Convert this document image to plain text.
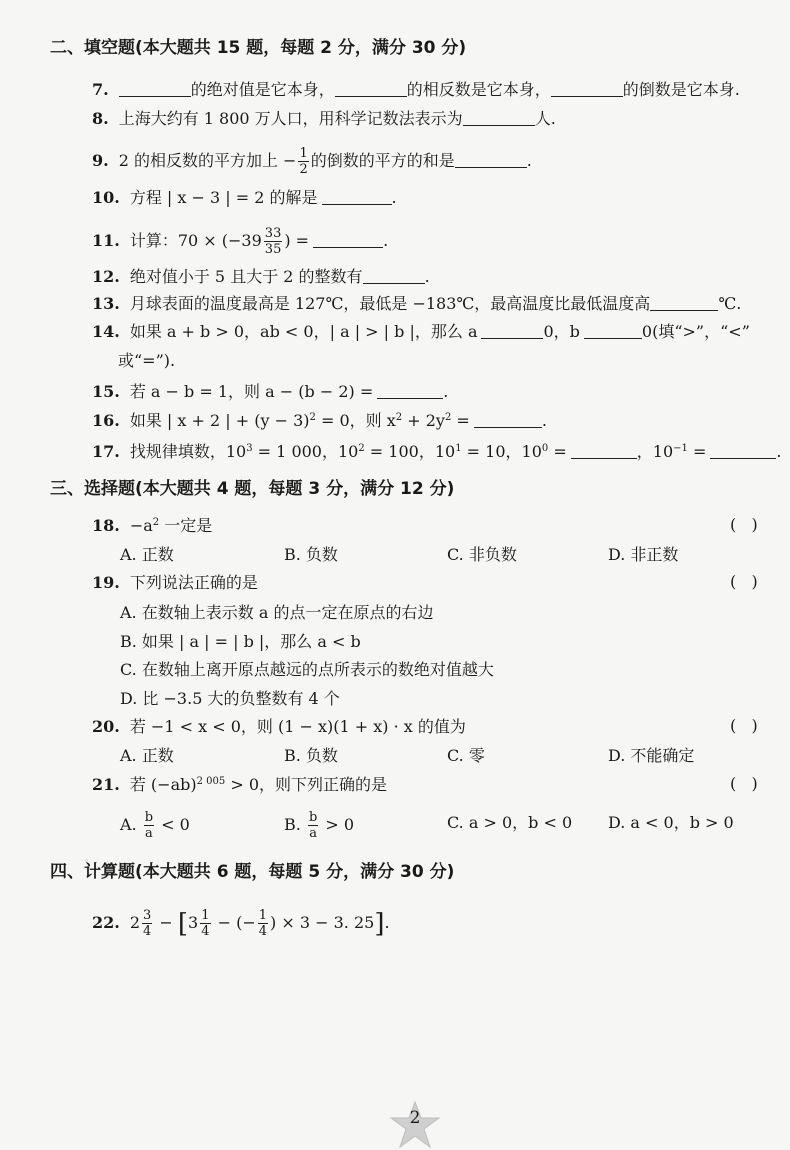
二、填空题(本大题共 15 题，每题 2 分，满分 30 分)
7.	的绝对值是它本身，	的相反数是它本身，	的倒数是它本身.
8. 上海大约有 1 800 万人口，用科学记数法表示为	人.
9. 2 的相反数的平方加上 − $\frac{1}{2}$ 的倒数的平方的和是	.
10. 方程 | x − 3 | = 2 的解是	.
11. 计算：$70 \times (-39 \frac{33}{35}$ ) =	.
12. 绝对值小于 5 且大于 2 的整数有	.
13. 月球表面的温度最高是 127℃，最低是 −183℃，最高温度比最低温度高	℃.
14. 如果 a + b > 0，ab < 0，| a | > | b |，那么 a	0，b	0(填“>”，“<”
或“=”).
15. 若 a − b = 1，则 a − (b − 2) =	.
16. 如果 | x + 2 | + $(y - 3)^2 = 0$，则 $x^2 + 2y^2$ =	.
17. 找规律填数，$10^3 = 1$ 000，$10^2 = 100$，$10^1 = 10$，$10^0$ =	，$10^{-1}$ =	.
三、选择题(本大题共 4 题，每题 3 分，满分 12 分)
18. $-a^2$ 一定是	(   )
A. 正数	B. 负数	C. 非负数	D. 非正数
19. 下列说法正确的是	(   )
A. 在数轴上表示数 a 的点一定在原点的右边
B. 如果 | a | = | b |，那么 a < b
C. 在数轴上离开原点越远的点所表示的数绝对值越大
D. 比 −3.5 大的负整数有 4 个
20. 若 −1 < x < 0，则 (1 − x)(1 + x) · x 的值为	(   )
A. 正数	B. 负数	C. 零	D. 不能确定
21. 若 $(-ab)^{2 005} > 0$，则下列正确的是	(   )
A. $\frac{b}{a} < 0$	B. $\frac{b}{a} > 0$	C. a > 0，b < 0 D. a < 0，b > 0
四、计算题(本大题共 6 题，每题 5 分，满分 30 分)
22. $2 \frac{3}{4} - [3 \frac{1}{4}$ − (− $\frac{1}{4}$ ) × 3 − 3. 25].
2
